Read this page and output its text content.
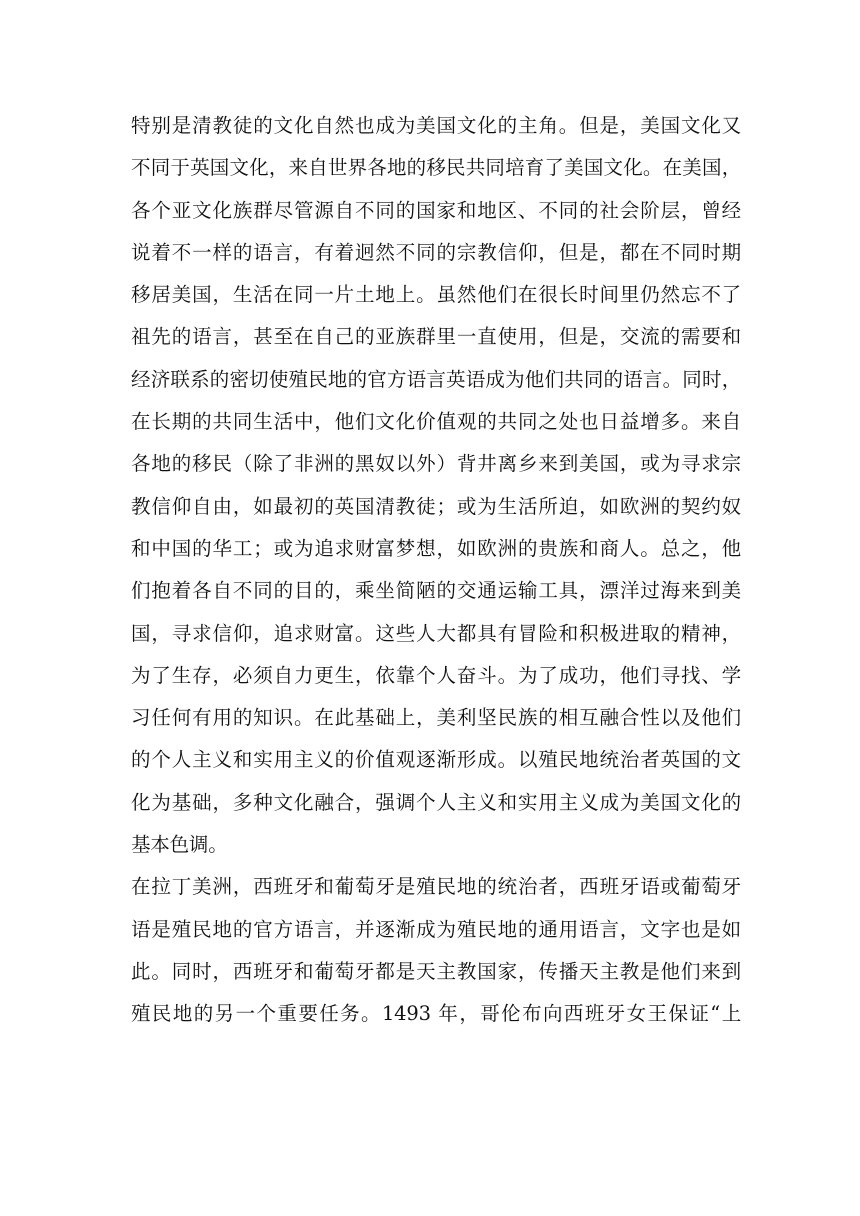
特别是清教徒的文化自然也成为美国文化的主角。但是，美国文化又
不同于英国文化，来自世界各地的移民共同培育了美国文化。在美国，
各个亚文化族群尽管源自不同的国家和地区、不同的社会阶层，曾经
说着不一样的语言，有着迥然不同的宗教信仰，但是，都在不同时期
移居美国，生活在同一片土地上。虽然他们在很长时间里仍然忘不了
祖先的语言，甚至在自己的亚族群里一直使用，但是，交流的需要和
经济联系的密切使殖民地的官方语言英语成为他们共同的语言。同时，
在长期的共同生活中，他们文化价值观的共同之处也日益增多。来自
各地的移民（除了非洲的黑奴以外）背井离乡来到美国，或为寻求宗
教信仰自由，如最初的英国清教徒；或为生活所迫，如欧洲的契约奴
和中国的华工；或为追求财富梦想，如欧洲的贵族和商人。总之，他
们抱着各自不同的目的，乘坐简陋的交通运输工具，漂洋过海来到美
国，寻求信仰，追求财富。这些人大都具有冒险和积极进取的精神，
为了生存，必须自力更生，依靠个人奋斗。为了成功，他们寻找、学
习任何有用的知识。在此基础上，美利坚民族的相互融合性以及他们
的个人主义和实用主义的价值观逐渐形成。以殖民地统治者英国的文
化为基础，多种文化融合，强调个人主义和实用主义成为美国文化的
基本色调。
在拉丁美洲，西班牙和葡萄牙是殖民地的统治者，西班牙语或葡萄牙
语是殖民地的官方语言，并逐渐成为殖民地的通用语言，文字也是如
此。同时，西班牙和葡萄牙都是天主教国家，传播天主教是他们来到
殖民地的另一个重要任务。1493 年，哥伦布向西班牙女王保证“上
